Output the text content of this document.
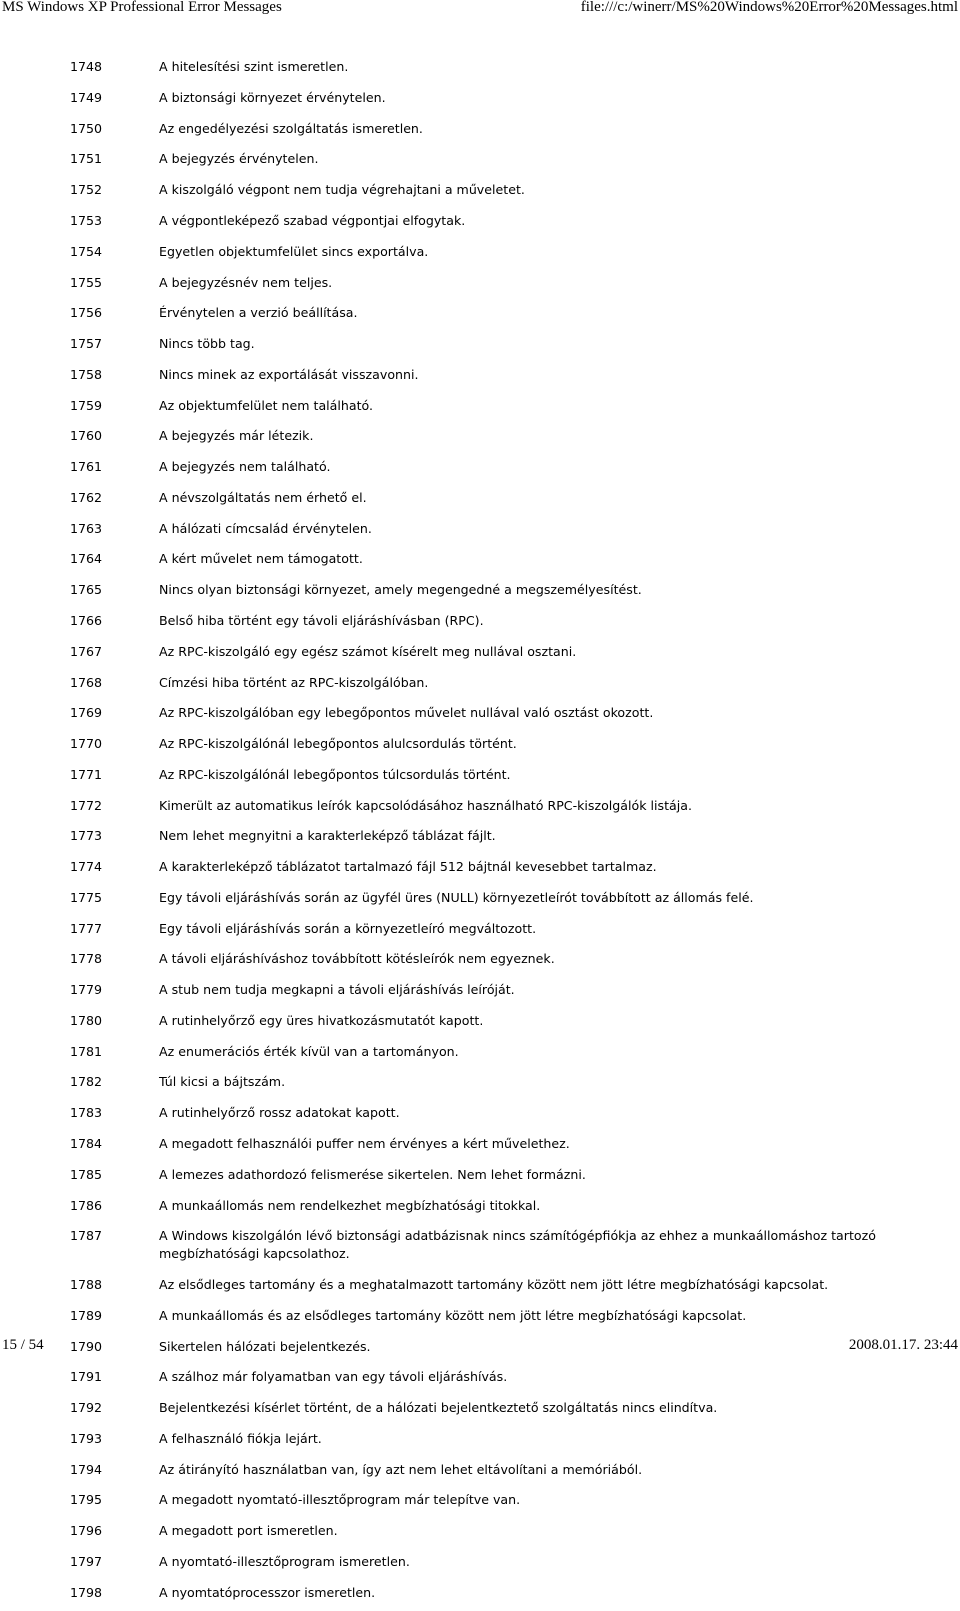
MS Windows XP Professional Error Messages	file:///c:/winerr/MS%20Windows%20Error%20Messages.html
1748	A hitelesítési szint ismeretlen.
1749	A biztonsági környezet érvénytelen.
1750	Az engedélyezési szolgáltatás ismeretlen.
1751	A bejegyzés érvénytelen.
1752	A kiszolgáló végpont nem tudja végrehajtani a műveletet.
1753	A végpontleképező szabad végpontjai elfogytak.
1754	Egyetlen objektumfelület sincs exportálva.
1755	A bejegyzésnév nem teljes.
1756	Érvénytelen a verzió beállítása.
1757	Nincs több tag.
1758	Nincs minek az exportálását visszavonni.
1759	Az objektumfelület nem található.
1760	A bejegyzés már létezik.
1761	A bejegyzés nem található.
1762	A névszolgáltatás nem érhető el.
1763	A hálózati címcsalád érvénytelen.
1764	A kért művelet nem támogatott.
1765	Nincs olyan biztonsági környezet, amely megengedné a megszemélyesítést.
1766	Belső hiba történt egy távoli eljáráshívásban (RPC).
1767	Az RPC-kiszolgáló egy egész számot kísérelt meg nullával osztani.
1768	Címzési hiba történt az RPC-kiszolgálóban.
1769	Az RPC-kiszolgálóban egy lebegőpontos művelet nullával való osztást okozott.
1770	Az RPC-kiszolgálónál lebegőpontos alulcsordulás történt.
1771	Az RPC-kiszolgálónál lebegőpontos túlcsordulás történt.
1772	Kimerült az automatikus leírók kapcsolódásához használható RPC-kiszolgálók listája.
1773	Nem lehet megnyitni a karakterleképző táblázat fájlt.
1774	A karakterleképző táblázatot tartalmazó fájl 512 bájtnál kevesebbet tartalmaz.
1775	Egy távoli eljáráshívás során az ügyfél üres (NULL) környezetleírót továbbított az állomás felé.
1777	Egy távoli eljáráshívás során a környezetleíró megváltozott.
1778	A távoli eljáráshíváshoz továbbított kötésleírók nem egyeznek.
1779	A stub nem tudja megkapni a távoli eljáráshívás leíróját.
1780	A rutinhelyőrző egy üres hivatkozásmutatót kapott.
1781	Az enumerációs érték kívül van a tartományon.
1782	Túl kicsi a bájtszám.
1783	A rutinhelyőrző rossz adatokat kapott.
1784	A megadott felhasználói puffer nem érvényes a kért művelethez.
1785	A lemezes adathordozó felismerése sikertelen. Nem lehet formázni.
1786	A munkaállomás nem rendelkezhet megbízhatósági titokkal.
1787	A Windows kiszolgálón lévő biztonsági adatbázisnak nincs számítógépfiókja az ehhez a munkaállomáshoz tartozó megbízhatósági kapcsolathoz.
1788	Az elsődleges tartomány és a meghatalmazott tartomány között nem jött létre megbízhatósági kapcsolat.
1789	A munkaállomás és az elsődleges tartomány között nem jött létre megbízhatósági kapcsolat.
1790	Sikertelen hálózati bejelentkezés.
1791	A szálhoz már folyamatban van egy távoli eljáráshívás.
1792	Bejelentkezési kísérlet történt, de a hálózati bejelentkeztető szolgáltatás nincs elindítva.
1793	A felhasználó fiókja lejárt.
1794	Az átirányító használatban van, így azt nem lehet eltávolítani a memóriából.
1795	A megadott nyomtató-illesztőprogram már telepítve van.
1796	A megadott port ismeretlen.
1797	A nyomtató-illesztőprogram ismeretlen.
1798	A nyomtatóprocesszor ismeretlen.
15 / 54	2008.01.17. 23:44
